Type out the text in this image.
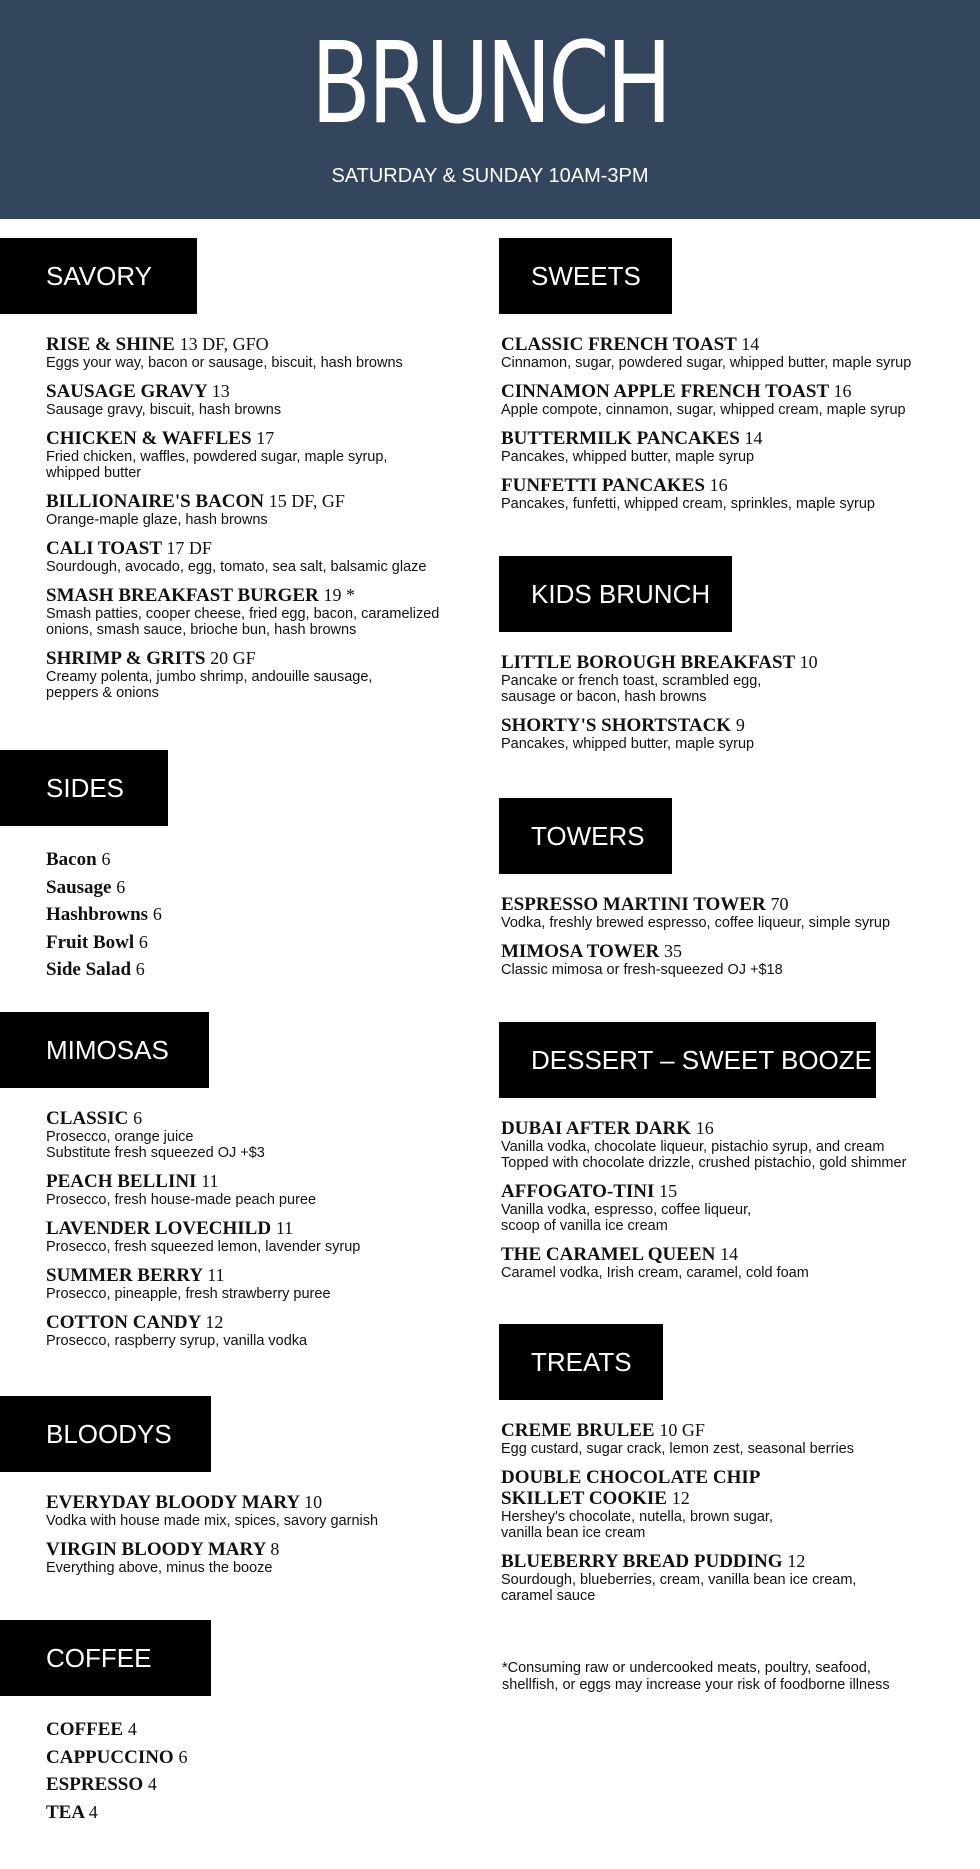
BRUNCH
SATURDAY & SUNDAY 10AM-3PM
SAVORY
RISE & SHINE 13 DF, GFO
Eggs your way, bacon or sausage, biscuit, hash browns
SAUSAGE GRAVY 13
Sausage gravy, biscuit, hash browns
CHICKEN & WAFFLES 17
Fried chicken, waffles, powdered sugar, maple syrup,
whipped butter
BILLIONAIRE'S BACON 15 DF, GF
Orange-maple glaze, hash browns
CALI TOAST 17 DF
Sourdough, avocado, egg, tomato, sea salt, balsamic glaze
SMASH BREAKFAST BURGER 19 *
Smash patties, cooper cheese, fried egg, bacon, caramelized
onions, smash sauce, brioche bun, hash browns
SHRIMP & GRITS 20 GF
Creamy polenta, jumbo shrimp, andouille sausage,
peppers & onions
SIDES
Bacon 6
Sausage 6
Hashbrowns 6
Fruit Bowl 6
Side Salad 6
MIMOSAS
CLASSIC 6
Prosecco, orange juice
Substitute fresh squeezed OJ +$3
PEACH BELLINI 11
Prosecco, fresh house-made peach puree
LAVENDER LOVECHILD 11
Prosecco, fresh squeezed lemon, lavender syrup
SUMMER BERRY 11
Prosecco, pineapple, fresh strawberry puree
COTTON CANDY 12
Prosecco, raspberry syrup, vanilla vodka
BLOODYS
EVERYDAY BLOODY MARY 10
Vodka with house made mix, spices, savory garnish
VIRGIN BLOODY MARY 8
Everything above, minus the booze
COFFEE
COFFEE 4
CAPPUCCINO 6
ESPRESSO 4
TEA 4
SWEETS
CLASSIC FRENCH TOAST 14
Cinnamon, sugar, powdered sugar, whipped butter, maple syrup
CINNAMON APPLE FRENCH TOAST 16
Apple compote, cinnamon, sugar, whipped cream, maple syrup
BUTTERMILK PANCAKES 14
Pancakes, whipped butter, maple syrup
FUNFETTI PANCAKES 16
Pancakes, funfetti, whipped cream, sprinkles, maple syrup
KIDS BRUNCH
LITTLE BOROUGH BREAKFAST 10
Pancake or french toast, scrambled egg,
sausage or bacon, hash browns
SHORTY'S SHORTSTACK 9
Pancakes, whipped butter, maple syrup
TOWERS
ESPRESSO MARTINI TOWER 70
Vodka, freshly brewed espresso, coffee liqueur, simple syrup
MIMOSA TOWER 35
Classic mimosa or fresh-squeezed OJ +$18
DESSERT – SWEET BOOZE
DUBAI AFTER DARK 16
Vanilla vodka, chocolate liqueur, pistachio syrup, and cream
Topped with chocolate drizzle, crushed pistachio, gold shimmer
AFFOGATO-TINI 15
Vanilla vodka, espresso, coffee liqueur,
scoop of vanilla ice cream
THE CARAMEL QUEEN 14
Caramel vodka, Irish cream, caramel, cold foam
TREATS
CREME BRULEE 10 GF
Egg custard, sugar crack, lemon zest, seasonal berries
DOUBLE CHOCOLATE CHIP
SKILLET COOKIE 12
Hershey's chocolate, nutella, brown sugar,
vanilla bean ice cream
BLUEBERRY BREAD PUDDING 12
Sourdough, blueberries, cream, vanilla bean ice cream,
caramel sauce
*Consuming raw or undercooked meats, poultry, seafood,
shellfish, or eggs may increase your risk of foodborne illness
